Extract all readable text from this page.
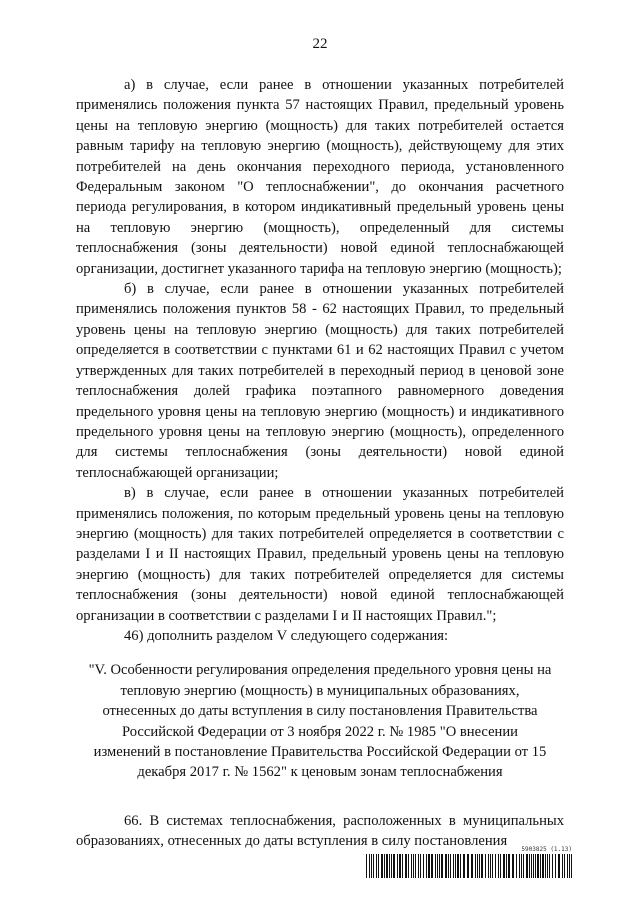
22

а) в случае, если ранее в отношении указанных потребителей применялись положения пункта 57 настоящих Правил, предельный уровень цены на тепловую энергию (мощность) для таких потребителей остается равным тарифу на тепловую энергию (мощность), действующему для этих потребителей на день окончания переходного периода, установленного Федеральным законом "О теплоснабжении", до окончания расчетного периода регулирования, в котором индикативный предельный уровень цены на тепловую энергию (мощность), определенный для системы теплоснабжения (зоны деятельности) новой единой теплоснабжающей организации, достигнет указанного тарифа на тепловую энергию (мощность);

б) в случае, если ранее в отношении указанных потребителей применялись положения пунктов 58 - 62 настоящих Правил, то предельный уровень цены на тепловую энергию (мощность) для таких потребителей определяется в соответствии с пунктами 61 и 62 настоящих Правил с учетом утвержденных для таких потребителей в переходный период в ценовой зоне теплоснабжения долей графика поэтапного равномерного доведения предельного уровня цены на тепловую энергию (мощность) и индикативного предельного уровня цены на тепловую энергию (мощность), определенного для системы теплоснабжения (зоны деятельности) новой единой теплоснабжающей организации;

в) в случае, если ранее в отношении указанных потребителей применялись положения, по которым предельный уровень цены на тепловую энергию (мощность) для таких потребителей определяется в соответствии с разделами I и II настоящих Правил, предельный уровень цены на тепловую энергию (мощность) для таких потребителей определяется для системы теплоснабжения (зоны деятельности) новой единой теплоснабжающей организации в соответствии с разделами I и II настоящих Правил.";

46) дополнить разделом V следующего содержания:

"V. Особенности регулирования определения предельного уровня цены на тепловую энергию (мощность) в муниципальных образованиях, отнесенных до даты вступления в силу постановления Правительства Российской Федерации от 3 ноября 2022 г. № 1985 "О внесении изменений в постановление Правительства Российской Федерации от 15 декабря 2017 г. № 1562" к ценовым зонам теплоснабжения

66. В системах теплоснабжения, расположенных в муниципальных образованиях, отнесенных до даты вступления в силу постановления

5903825 (1.13)
